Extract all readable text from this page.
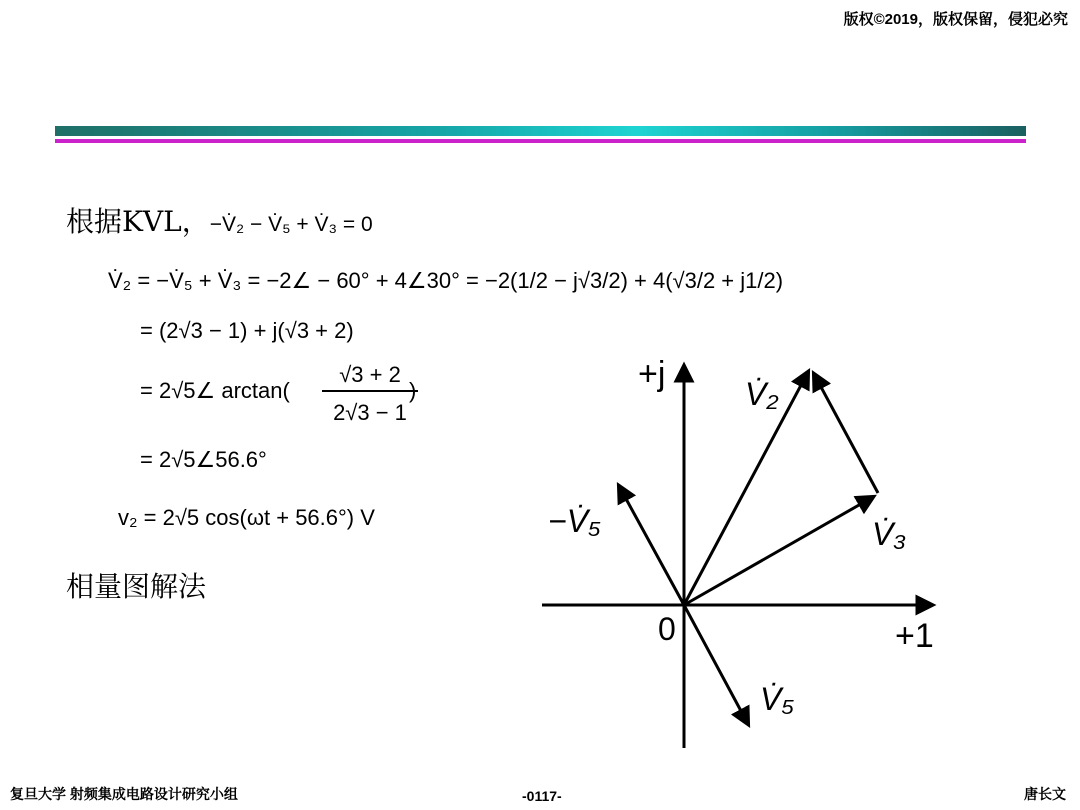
版权©2019，版权保留，侵犯必究
根据KVL，−V̇₂ − V̇₅ + V̇₃ = 0
V̇₂ = −V̇₅ + V̇₃ = −2∠ − 60° + 4∠30° = −2(1/2 − j√3/2) + 4(√3/2 + j1/2)
= (2√3 − 1) + j(√3 + 2)
= 2√5∠ arctan(
√3 + 2
2√3 − 1
)
= 2√5∠56.6°
v₂ = 2√5 cos(ωt + 56.6°) V
相量图解法
+j
+1
0
V̇₂
V̇₃
V̇₅
−V̇₅
复旦大学 射频集成电路设计研究小组	-0117-	唐长文
